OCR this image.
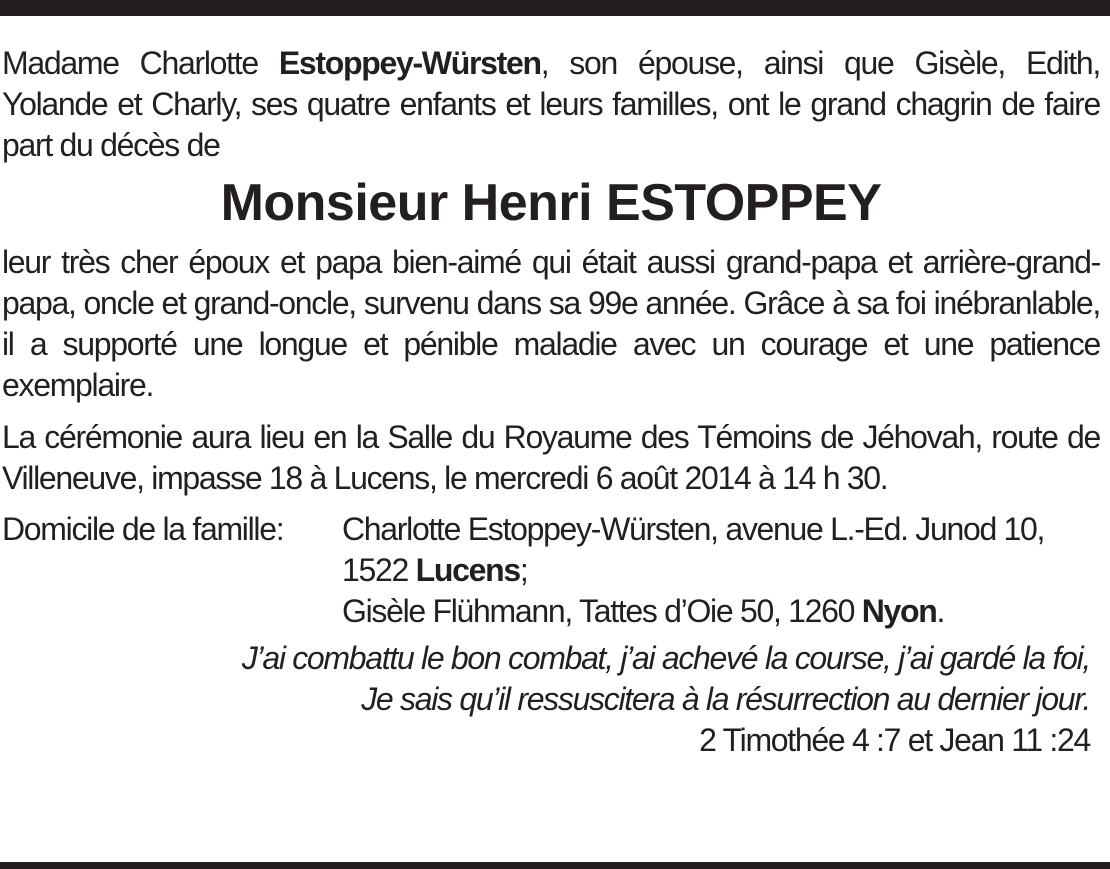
Madame Charlotte Estoppey-Würsten, son épouse, ainsi que Gisèle, Edith, Yolande et Charly, ses quatre enfants et leurs familles, ont le grand chagrin de faire part du décès de

Monsieur Henri ESTOPPEY

leur très cher époux et papa bien-aimé qui était aussi grand-papa et arrière-grand-papa, oncle et grand-oncle, survenu dans sa 99e année. Grâce à sa foi inébranlable, il a supporté une longue et pénible maladie avec un courage et une patience exemplaire.

La cérémonie aura lieu en la Salle du Royaume des Témoins de Jéhovah, route de Villeneuve, impasse 18 à Lucens, le mercredi 6 août 2014 à 14 h 30.

Domicile de la famille:	Charlotte Estoppey-Würsten, avenue L.-Ed. Junod 10,
1522 Lucens;
Gisèle Flühmann, Tattes d’Oie 50, 1260 Nyon.
J’ai combattu le bon combat, j’ai achevé la course, j’ai gardé la foi,
Je sais qu’il ressuscitera à la résurrection au dernier jour.
2 Timothée 4 :7 et Jean 11 :24
